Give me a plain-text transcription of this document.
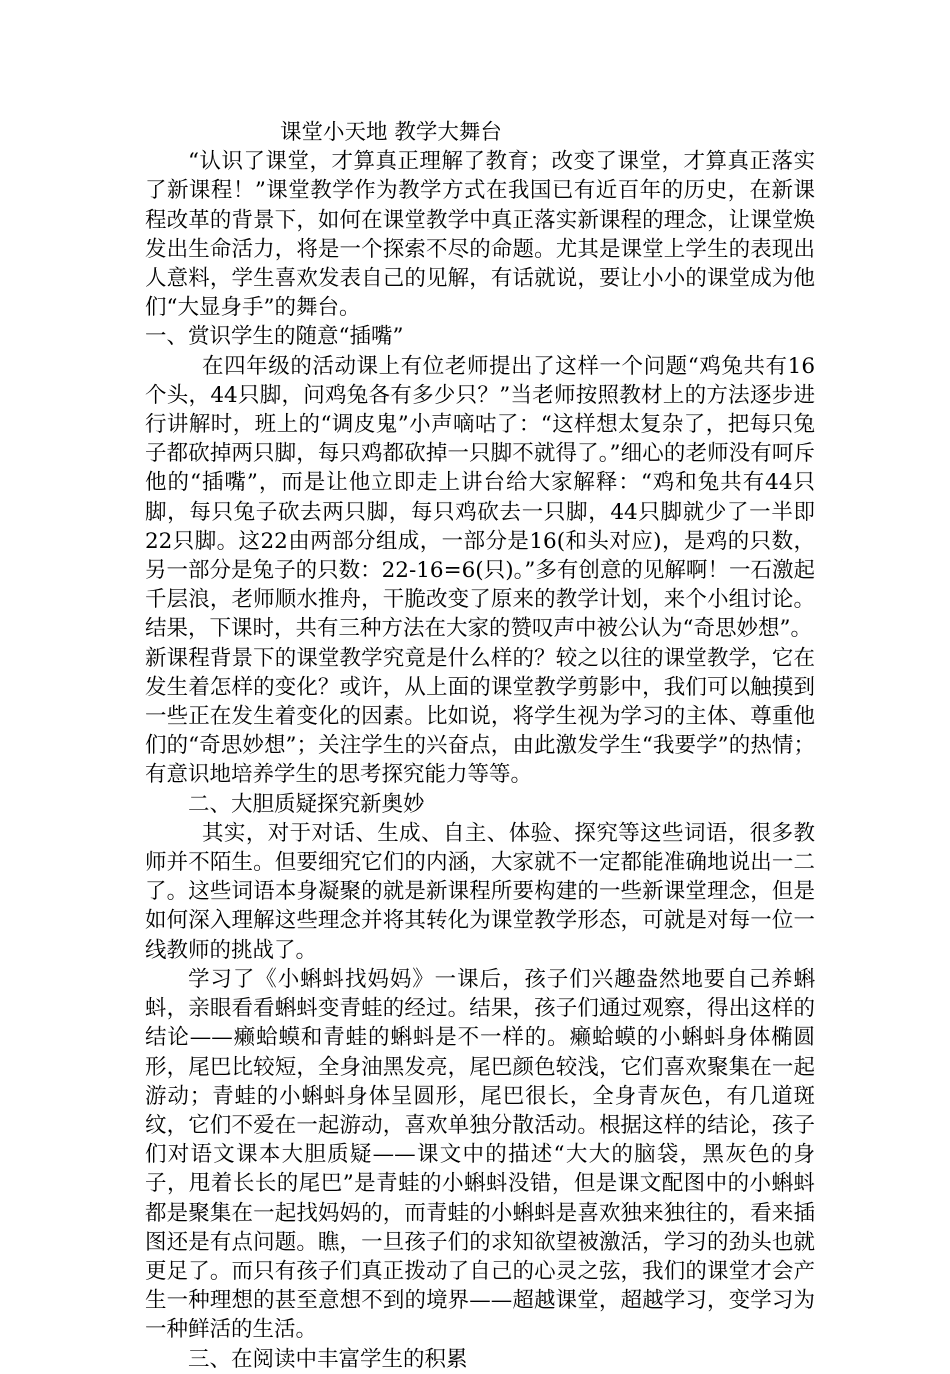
课堂小天地 教学大舞台

“认识了课堂，才算真正理解了教育；改变了课堂，才算真正落实了新课程！”课堂教学作为教学方式在我国已有近百年的历史，在新课程改革的背景下，如何在课堂教学中真正落实新课程的理念，让课堂焕发出生命活力，将是一个探索不尽的命题。尤其是课堂上学生的表现出人意料，学生喜欢发表自己的见解，有话就说，要让小小的课堂成为他们“大显身手”的舞台。

一、赏识学生的随意“插嘴”

在四年级的活动课上有位老师提出了这样一个问题“鸡兔共有16个头，44只脚，问鸡兔各有多少只？”当老师按照教材上的方法逐步进行讲解时，班上的“调皮鬼”小声嘀咕了：“这样想太复杂了，把每只兔子都砍掉两只脚，每只鸡都砍掉一只脚不就得了。”细心的老师没有呵斥他的“插嘴”，而是让他立即走上讲台给大家解释：“鸡和兔共有44只脚，每只兔子砍去两只脚，每只鸡砍去一只脚，44只脚就少了一半即22只脚。这22由两部分组成，一部分是16(和头对应)，是鸡的只数，另一部分是兔子的只数：22-16=6(只)。”多有创意的见解啊！一石激起千层浪，老师顺水推舟，干脆改变了原来的教学计划，来个小组讨论。结果，下课时，共有三种方法在大家的赞叹声中被公认为“奇思妙想”。

新课程背景下的课堂教学究竟是什么样的？较之以往的课堂教学，它在发生着怎样的变化？或许，从上面的课堂教学剪影中，我们可以触摸到一些正在发生着变化的因素。比如说，将学生视为学习的主体、尊重他们的“奇思妙想”；关注学生的兴奋点，由此激发学生“我要学”的热情；有意识地培养学生的思考探究能力等等。

二、大胆质疑探究新奥妙

其实，对于对话、生成、自主、体验、探究等这些词语，很多教师并不陌生。但要细究它们的内涵，大家就不一定都能准确地说出一二了。这些词语本身凝聚的就是新课程所要构建的一些新课堂理念，但是如何深入理解这些理念并将其转化为课堂教学形态，可就是对每一位一线教师的挑战了。

学习了《小蝌蚪找妈妈》一课后，孩子们兴趣盎然地要自己养蝌蚪，亲眼看看蝌蚪变青蛙的经过。结果，孩子们通过观察，得出这样的结论——癞蛤蟆和青蛙的蝌蚪是不一样的。癞蛤蟆的小蝌蚪身体椭圆形，尾巴比较短，全身油黑发亮，尾巴颜色较浅，它们喜欢聚集在一起游动；青蛙的小蝌蚪身体呈圆形，尾巴很长，全身青灰色，有几道斑纹，它们不爱在一起游动，喜欢单独分散活动。根据这样的结论，孩子们对语文课本大胆质疑——课文中的描述“大大的脑袋，黑灰色的身子，甩着长长的尾巴”是青蛙的小蝌蚪没错，但是课文配图中的小蝌蚪都是聚集在一起找妈妈的，而青蛙的小蝌蚪是喜欢独来独往的，看来插图还是有点问题。瞧，一旦孩子们的求知欲望被激活，学习的劲头也就更足了。而只有孩子们真正拨动了自己的心灵之弦，我们的课堂才会产生一种理想的甚至意想不到的境界——超越课堂，超越学习，变学习为一种鲜活的生活。

三、在阅读中丰富学生的积累
